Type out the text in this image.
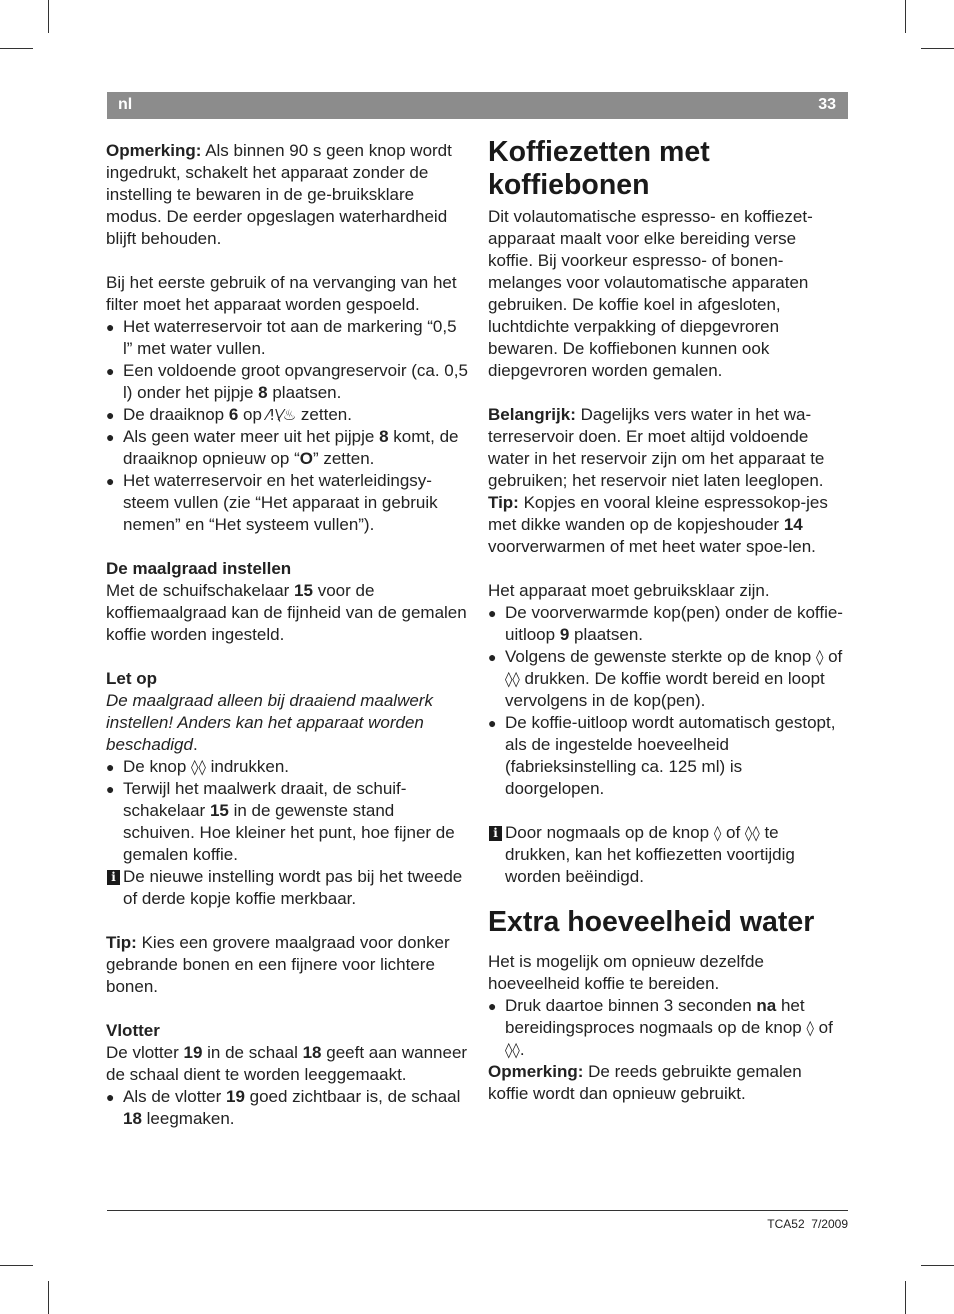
nl	33

Opmerking: Als binnen 90 s geen knop wordt ingedrukt, schakelt het apparaat zonder de instelling te bewaren in de ge-bruiksklare modus. De eerder opgeslagen waterhardheid blijft behouden.

Bij het eerste gebruik of na vervanging van het filter moet het apparaat worden gespoeld.

● Het waterreservoir tot aan de markering “0,5 l” met water vullen.
● Een voldoende groot opvangreservoir (ca. 0,5 l) onder het pijpje 8 plaatsen.
● De draaiknop 6 op ⁄!\⁄♨ zetten.
● Als geen water meer uit het pijpje 8 komt, de draaiknop opnieuw op “O” zetten.
● Het waterreservoir en het waterleidingsy-steem vullen (zie “Het apparaat in gebruik nemen” en “Het systeem vullen”).

De maalgraad instellen

Met de schuifschakelaar 15 voor de koffiemaalgraad kan de fijnheid van de gemalen koffie worden ingesteld.

Let op

De maalgraad alleen bij draaiend maalwerk instellen! Anders kan het apparaat worden beschadigd.

● De knop ◊◊ indrukken.
● Terwijl het maalwerk draait, de schuif-schakelaar 15 in de gewenste stand schuiven. Hoe kleiner het punt, hoe fijner de gemalen koffie.
i De nieuwe instelling wordt pas bij het tweede of derde kopje koffie merkbaar.

Tip: Kies een grovere maalgraad voor donker gebrande bonen en een fijnere voor lichtere bonen.

Vlotter

De vlotter 19 in de schaal 18 geeft aan wanneer de schaal dient te worden leeggemaakt.

● Als de vlotter 19 goed zichtbaar is, de schaal 18 leegmaken.
Koffiezetten met koffiebonen

Dit volautomatische espresso- en koffiezet-apparaat maalt voor elke bereiding verse koffie. Bij voorkeur espresso- of bonen-melanges voor volautomatische apparaten gebruiken. De koffie koel in afgesloten, luchtdichte verpakking of diepgevroren bewaren. De koffiebonen kunnen ook diepgevroren worden gemalen.

Belangrijk: Dagelijks vers water in het wa-terreservoir doen. Er moet altijd voldoende water in het reservoir zijn om het apparaat te gebruiken; het reservoir niet laten leeglopen.

Tip: Kopjes en vooral kleine espressokop-jes met dikke wanden op de kopjeshouder 14 voorverwarmen of met heet water spoe-len.

Het apparaat moet gebruiksklaar zijn.

● De voorverwarmde kop(pen) onder de koffie-uitloop 9 plaatsen.
● Volgens de gewenste sterkte op de knop ◊ of ◊◊ drukken. De koffie wordt bereid en loopt vervolgens in de kop(pen).
● De koffie-uitloop wordt automatisch gestopt, als de ingestelde hoeveelheid (fabrieksinstelling ca. 125 ml) is doorgelopen.
i Door nogmaals op de knop ◊ of ◊◊ te drukken, kan het koffiezetten voortijdig worden beëindigd.
Extra hoeveelheid water

Het is mogelijk om opnieuw dezelfde hoeveelheid koffie te bereiden.

● Druk daartoe binnen 3 seconden na het bereidingsproces nogmaals op de knop ◊ of ◊◊.

Opmerking: De reeds gebruikte gemalen koffie wordt dan opnieuw gebruikt.

TCA52 7/2009
